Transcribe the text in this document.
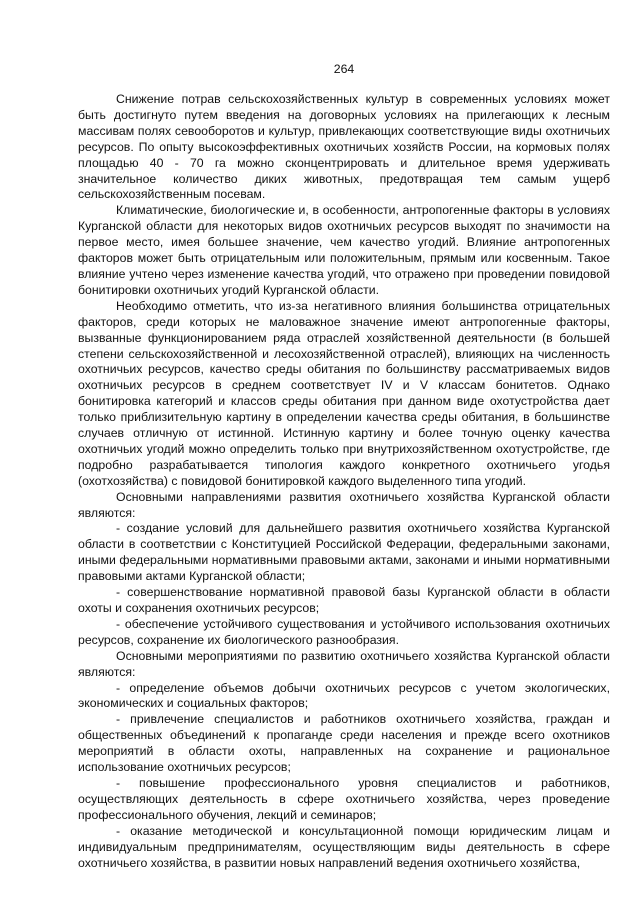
264

Снижение потрав сельскохозяйственных культур в современных условиях может быть достигнуто путем введения на договорных условиях на прилегающих к лесным массивам полях севооборотов и культур, привлекающих соответствующие виды охотничьих ресурсов. По опыту высокоэффективных охотничьих хозяйств России, на кормовых полях площадью 40 - 70 га можно сконцентрировать и длительное время удерживать значительное количество диких животных, предотвращая тем самым ущерб сельскохозяйственным посевам.

Климатические, биологические и, в особенности, антропогенные факторы в условиях Курганской области для некоторых видов охотничьих ресурсов выходят по значимости на первое место, имея большее значение, чем качество угодий. Влияние антропогенных факторов может быть отрицательным или положительным, прямым или косвенным. Такое влияние учтено через изменение качества угодий, что отражено при проведении повидовой бонитировки охотничьих угодий Курганской области.

Необходимо отметить, что из-за негативного влияния большинства отрицательных факторов, среди которых не маловажное значение имеют антропогенные факторы, вызванные функционированием ряда отраслей хозяйственной деятельности (в большей степени сельскохозяйственной и лесохозяйственной отраслей), влияющих на численность охотничьих ресурсов, качество среды обитания по большинству рассматриваемых видов охотничьих ресурсов в среднем соответствует IV и V классам бонитетов. Однако бонитировка категорий и классов среды обитания при данном виде охотустройства дает только приблизительную картину в определении качества среды обитания, в большинстве случаев отличную от истинной. Истинную картину и более точную оценку качества охотничьих угодий можно определить только при внутрихозяйственном охотустройстве, где подробно разрабатывается типология каждого конкретного охотничьего угодья (охотхозяйства) с повидовой бонитировкой каждого выделенного типа угодий.

Основными направлениями развития охотничьего хозяйства Курганской области являются:

- создание условий для дальнейшего развития охотничьего хозяйства Курганской области в соответствии с Конституцией Российской Федерации, федеральными законами, иными федеральными нормативными правовыми актами, законами и иными нормативными правовыми актами Курганской области;

- совершенствование нормативной правовой базы Курганской области в области охоты и сохранения охотничьих ресурсов;

- обеспечение устойчивого существования и устойчивого использования охотничьих ресурсов, сохранение их биологического разнообразия.

Основными мероприятиями по развитию охотничьего хозяйства Курганской области являются:

- определение объемов добычи охотничьих ресурсов с учетом экологических, экономических и социальных факторов;

- привлечение специалистов и работников охотничьего хозяйства, граждан и общественных объединений к пропаганде среди населения и прежде всего охотников мероприятий в области охоты, направленных на сохранение и рациональное использование охотничьих ресурсов;

- повышение профессионального уровня специалистов и работников, осуществляющих деятельность в сфере охотничьего хозяйства, через проведение профессионального обучения, лекций и семинаров;

- оказание методической и консультационной помощи юридическим лицам и индивидуальным предпринимателям, осуществляющим виды деятельность в сфере охотничьего хозяйства, в развитии новых направлений ведения охотничьего хозяйства,
